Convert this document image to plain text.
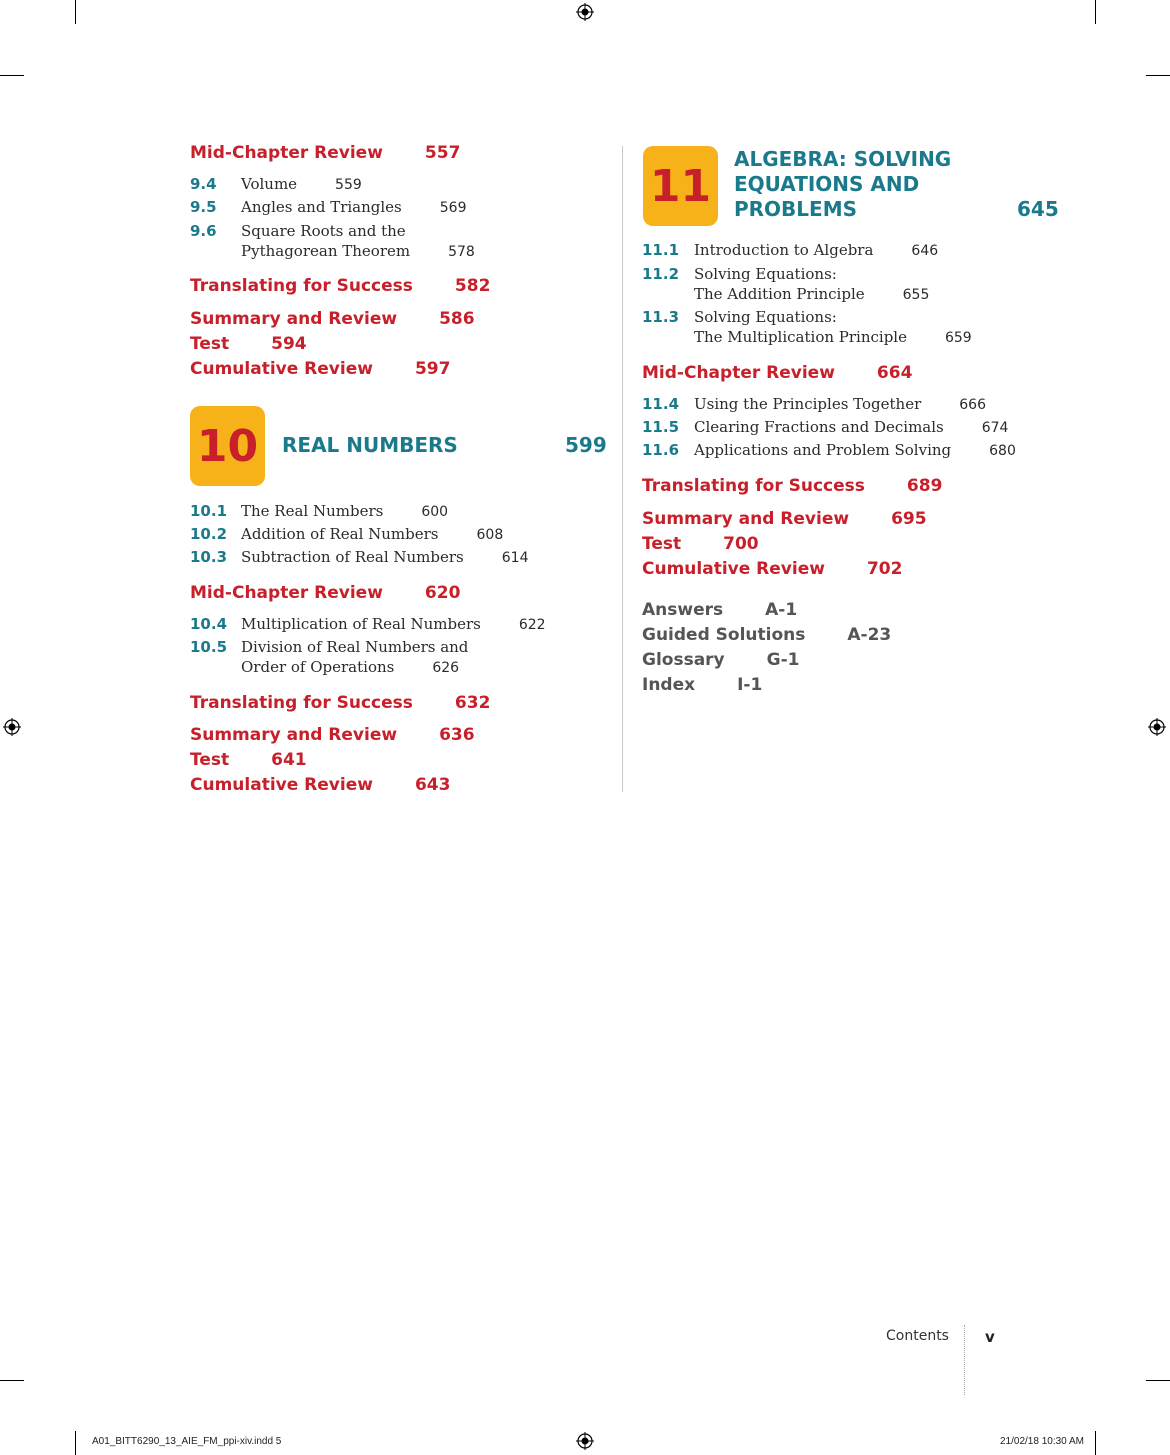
Mid-Chapter Review 557
9.4 Volume	559
9.5 Angles and Triangles	569
9.6 Square Roots and the
Pythagorean Theorem	578
Translating for Success 582
Summary and Review 586
Test 594
Cumulative Review 597
10	REAL NUMBERS	599
10.1 The Real Numbers	600
10.2 Addition of Real Numbers	608
10.3 Subtraction of Real Numbers	614
Mid-Chapter Review 620
10.4 Multiplication of Real Numbers	622
10.5 Division of Real Numbers and
Order of Operations	626
Translating for Success 632
Summary and Review 636
Test 641
Cumulative Review 643
11
ALGEBRA: SOLVING
EQUATIONS AND
PROBLEMS	645
11.1 Introduction to Algebra	646
11.2 Solving Equations:
The Addition Principle	655
11.3 Solving Equations:
The Multiplication Principle	659
Mid-Chapter Review 664
11.4 Using the Principles Together	666
11.5 Clearing Fractions and Decimals	674
11.6 Applications and Problem Solving	680
Translating for Success 689
Summary and Review 695
Test 700
Cumulative Review 702
Answers A-1
Guided Solutions A-23
Glossary G-1
Index I-1
Contents v
A01_BITT6290_13_AIE_FM_ppi-xiv.indd 5	21/02/18 10:30 AM
